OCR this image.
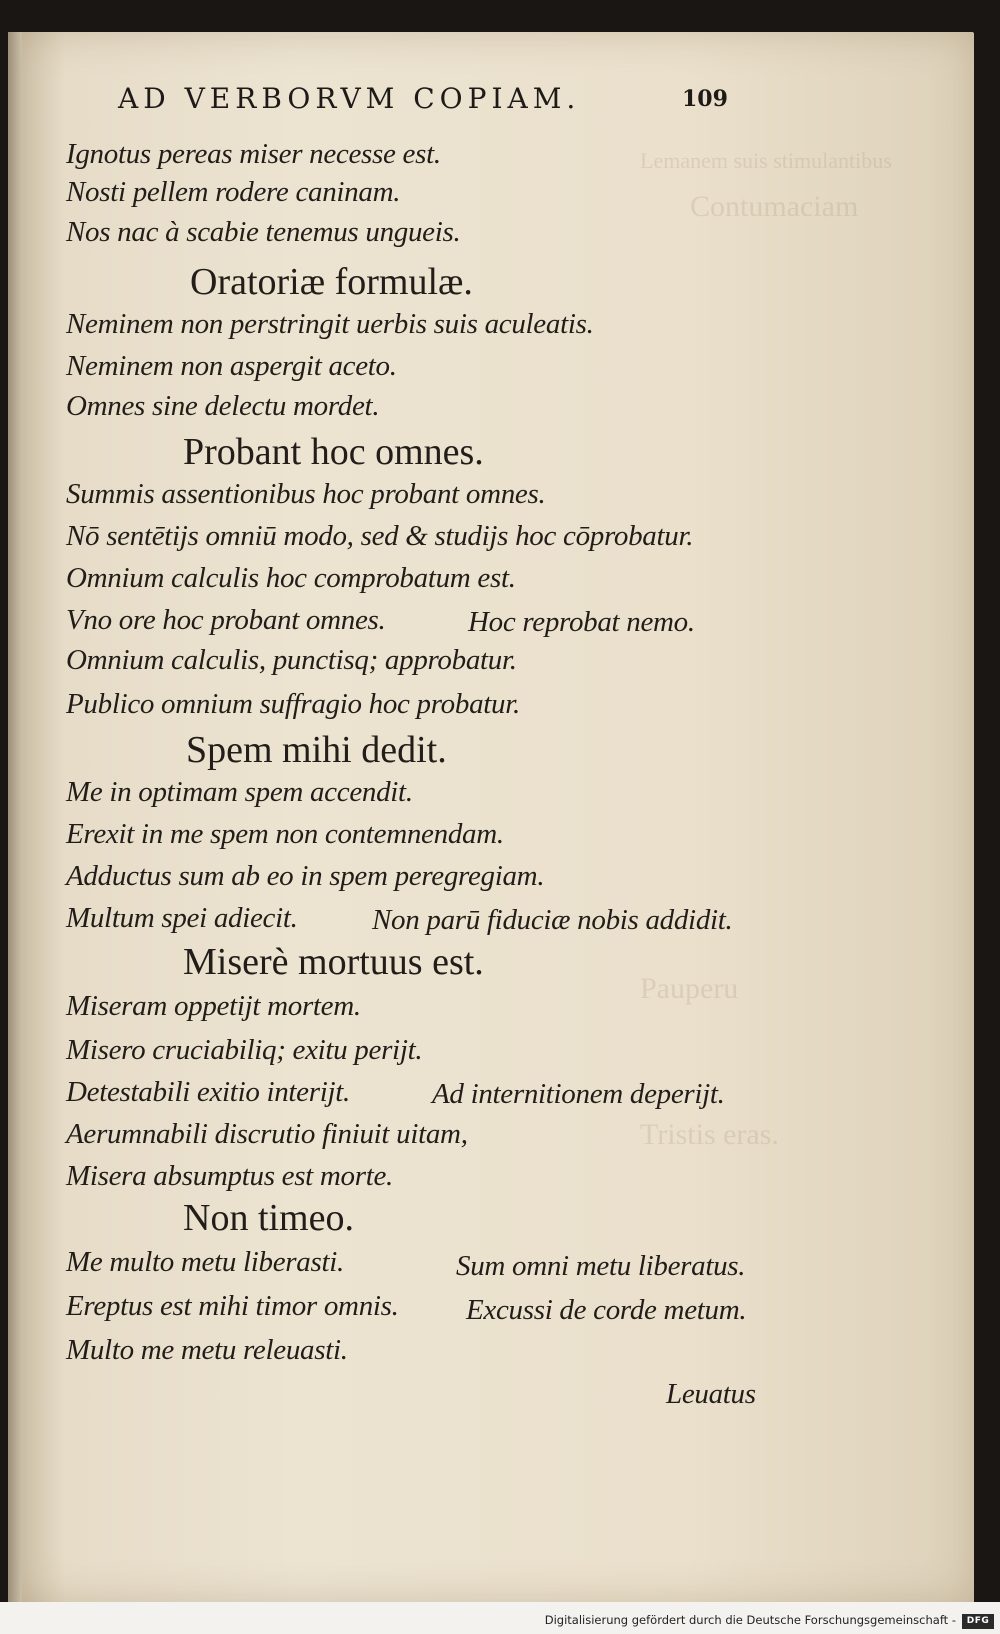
Lemanem suis stimulantibus
Contumaciam
Pauperu
Tristis eras.
AD VERBORVM COPIAM.	109
Ignotus pereas miser necesse est.
Nosti pellem rodere caninam.
Nos nac à scabie tenemus ungueis.
Oratoriæ formulæ.
Neminem non perstringit uerbis suis aculeatis.
Neminem non aspergit aceto.
Omnes sine delectu mordet.
Probant hoc omnes.
Summis assentionibus hoc probant omnes.
Nō sentētijs omniū modo, sed & studijs hoc cōprobatur.
Omnium calculis hoc comprobatum est.
Vno ore hoc probant omnes.	Hoc reprobat nemo.
Omnium calculis, punctisq; approbatur.
Publico omnium suffragio hoc probatur.
Spem mihi dedit.
Me in optimam spem accendit.
Erexit in me spem non contemnendam.
Adductus sum ab eo in spem peregregiam.
Multum spei adiecit.	Non parū fiduciæ nobis addidit.
Miserè mortuus est.
Miseram oppetijt mortem.
Misero cruciabiliq; exitu perijt.
Detestabili exitio interijt.	Ad internitionem deperijt.
Aerumnabili discrutio finiuit uitam,
Misera absumptus est morte.
Non timeo.
Me multo metu liberasti.	Sum omni metu liberatus.
Ereptus est mihi timor omnis. Excussi de corde metum.
Multo me metu releuasti.
Leuatus
Digitalisierung gefördert durch die Deutsche Forschungsgemeinschaft -	DFG
